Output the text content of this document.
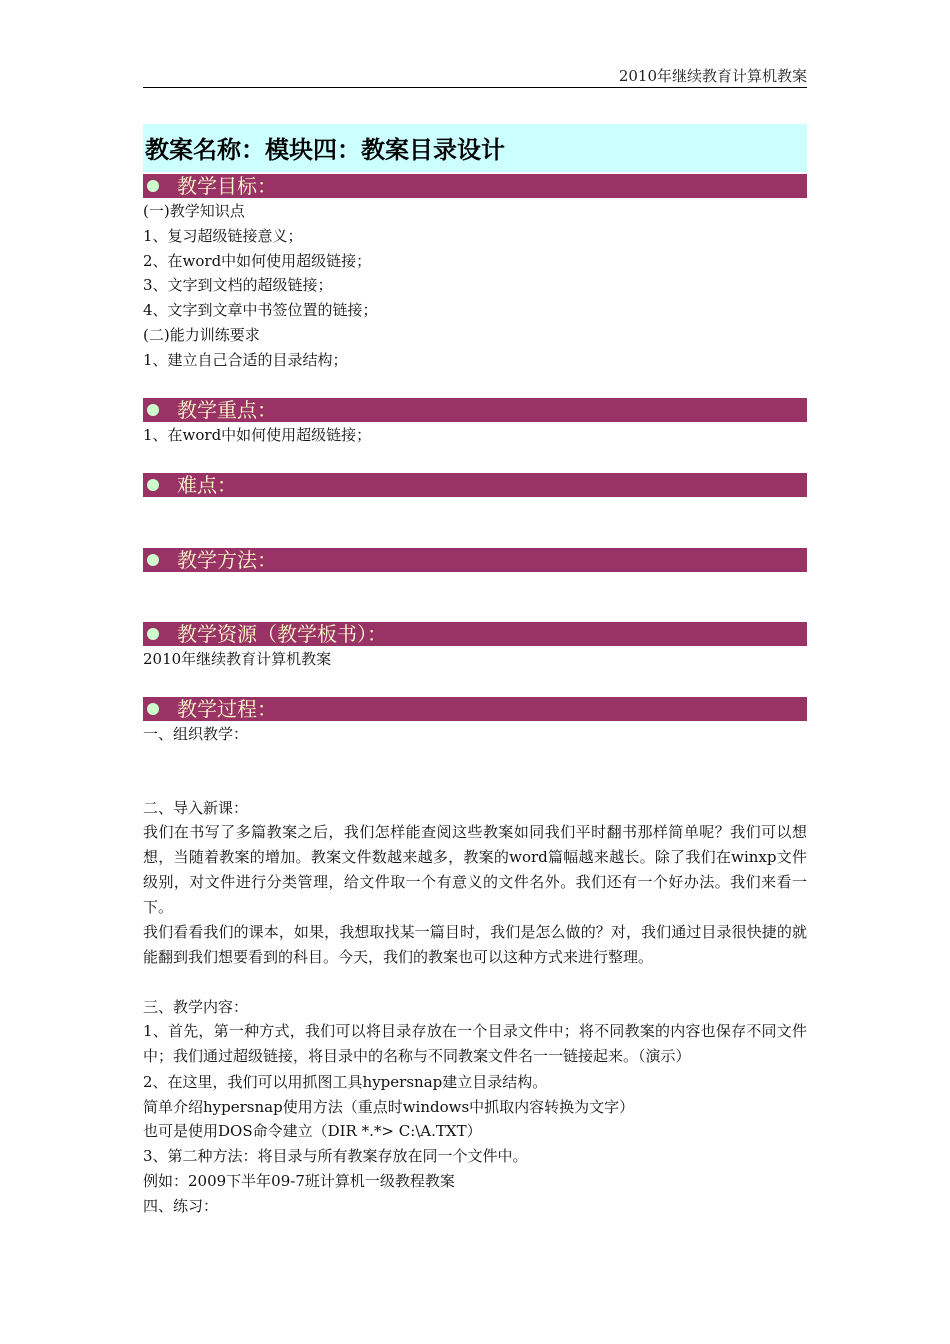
2010年继续教育计算机教案
教案名称：模块四：教案目录设计
教学目标：
(一)教学知识点
1、复习超级链接意义；
2、在word中如何使用超级链接；
3、文字到文档的超级链接；
4、文字到文章中书签位置的链接；
(二)能力训练要求
1、建立自己合适的目录结构；
教学重点：
1、在word中如何使用超级链接；
难点：
教学方法：
教学资源（教学板书）：
2010年继续教育计算机教案
教学过程：
一、组织教学：
二、导入新课：
我们在书写了多篇教案之后，我们怎样能查阅这些教案如同我们平时翻书那样简单呢？我们可以想想，当随着教案的增加。教案文件数越来越多，教案的word篇幅越来越长。除了我们在winxp文件级别，对文件进行分类管理，给文件取一个有意义的文件名外。我们还有一个好办法。我们来看一下。
我们看看我们的课本，如果，我想取找某一篇目时，我们是怎么做的？对，我们通过目录很快捷的就能翻到我们想要看到的科目。今天，我们的教案也可以这种方式来进行整理。
三、教学内容：
1、首先，第一种方式，我们可以将目录存放在一个目录文件中；将不同教案的内容也保存不同文件中；我们通过超级链接，将目录中的名称与不同教案文件名一一链接起来。（演示）
2、在这里，我们可以用抓图工具hypersnap建立目录结构。
简单介绍hypersnap使用方法（重点时windows中抓取内容转换为文字）
也可是使用DOS命令建立（DIR *.*> C:\A.TXT）
3、第二种方法：将目录与所有教案存放在同一个文件中。
例如：2009下半年09-7班计算机一级教程教案
四、练习：
